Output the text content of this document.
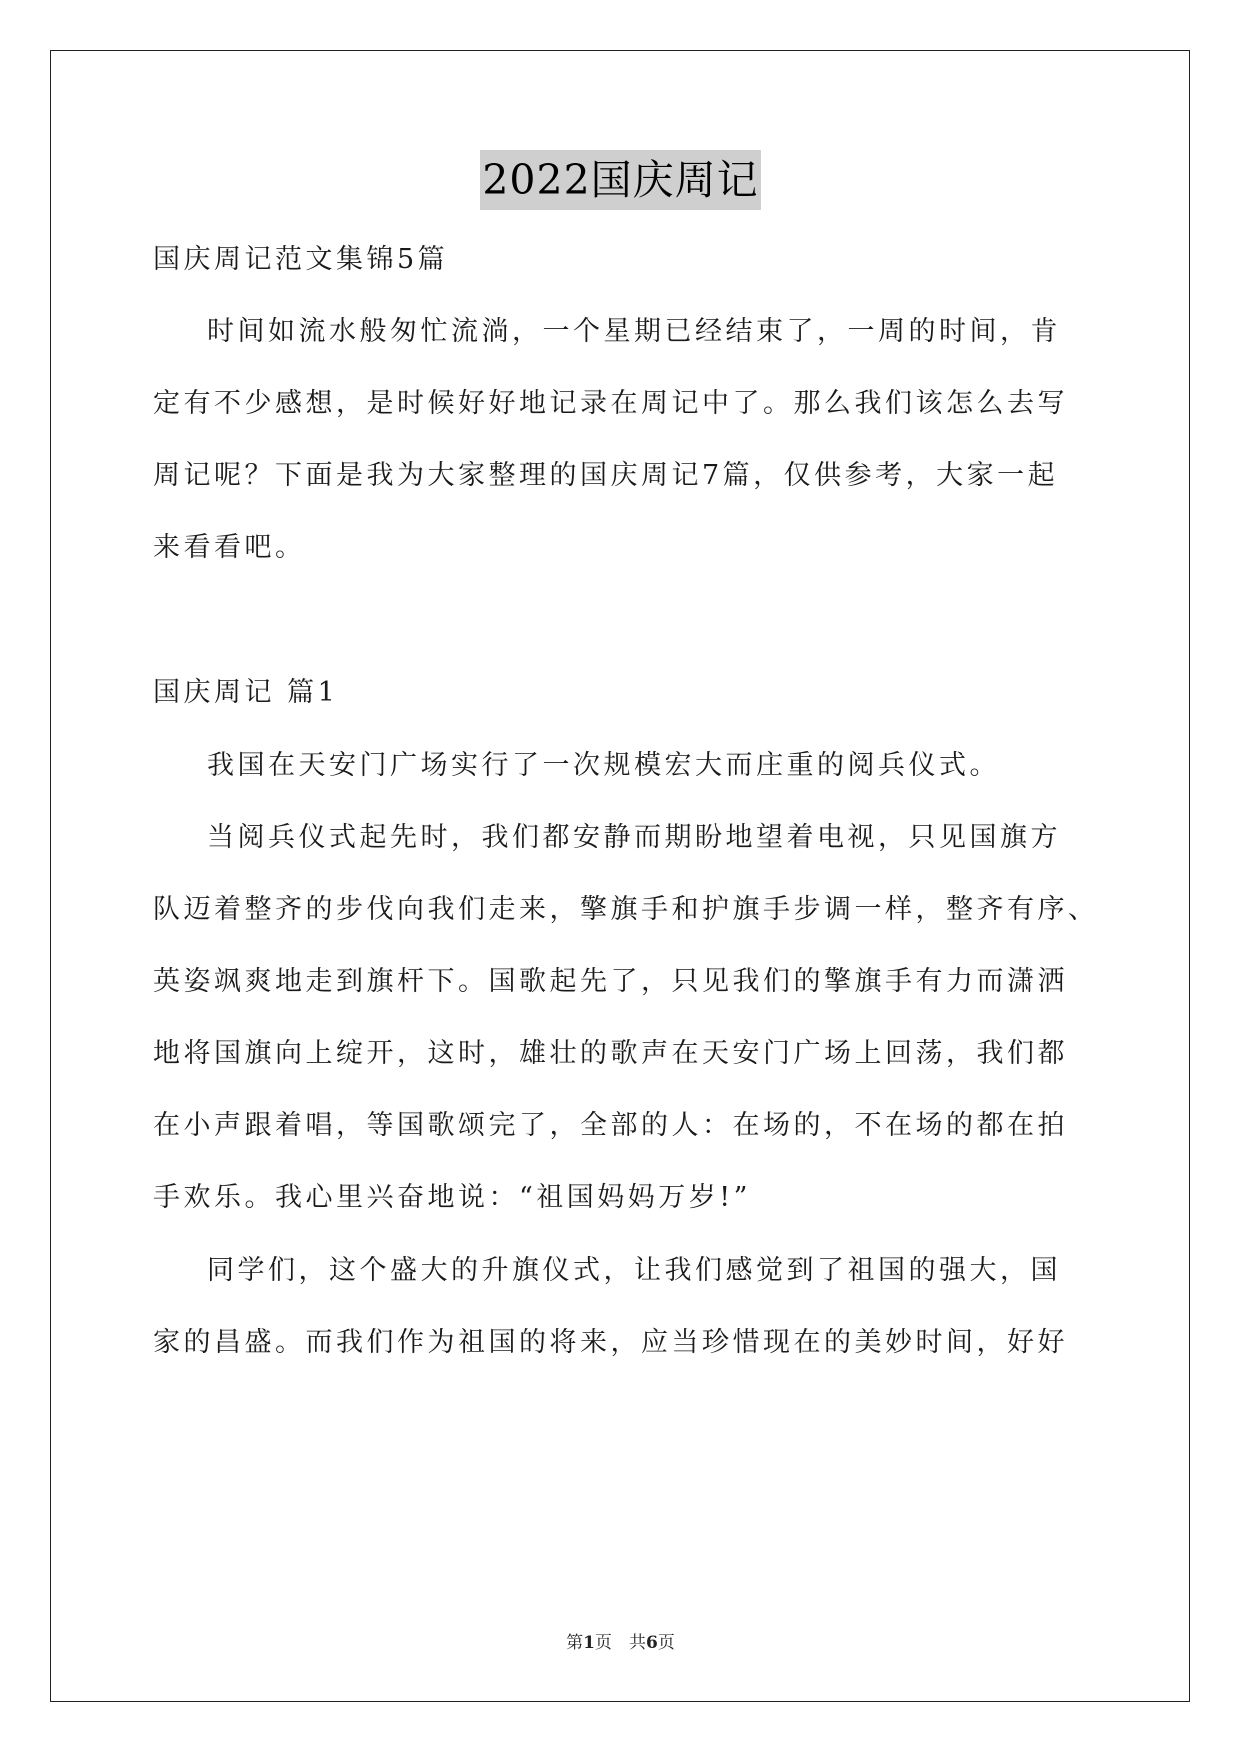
2022国庆周记
国庆周记范文集锦5篇
时间如流水般匆忙流淌，一个星期已经结束了，一周的时间，肯
定有不少感想，是时候好好地记录在周记中了。那么我们该怎么去写
周记呢？下面是我为大家整理的国庆周记7篇，仅供参考，大家一起
来看看吧。
国庆周记 篇1
我国在天安门广场实行了一次规模宏大而庄重的阅兵仪式。
当阅兵仪式起先时，我们都安静而期盼地望着电视，只见国旗方
队迈着整齐的步伐向我们走来，擎旗手和护旗手步调一样，整齐有序、
英姿飒爽地走到旗杆下。国歌起先了，只见我们的擎旗手有力而潇洒
地将国旗向上绽开，这时，雄壮的歌声在天安门广场上回荡，我们都
在小声跟着唱，等国歌颂完了，全部的人：在场的，不在场的都在拍
手欢乐。我心里兴奋地说：“祖国妈妈万岁!”
同学们，这个盛大的升旗仪式，让我们感觉到了祖国的强大，国
家的昌盛。而我们作为祖国的将来，应当珍惜现在的美妙时间，好好
第1页　共6页
